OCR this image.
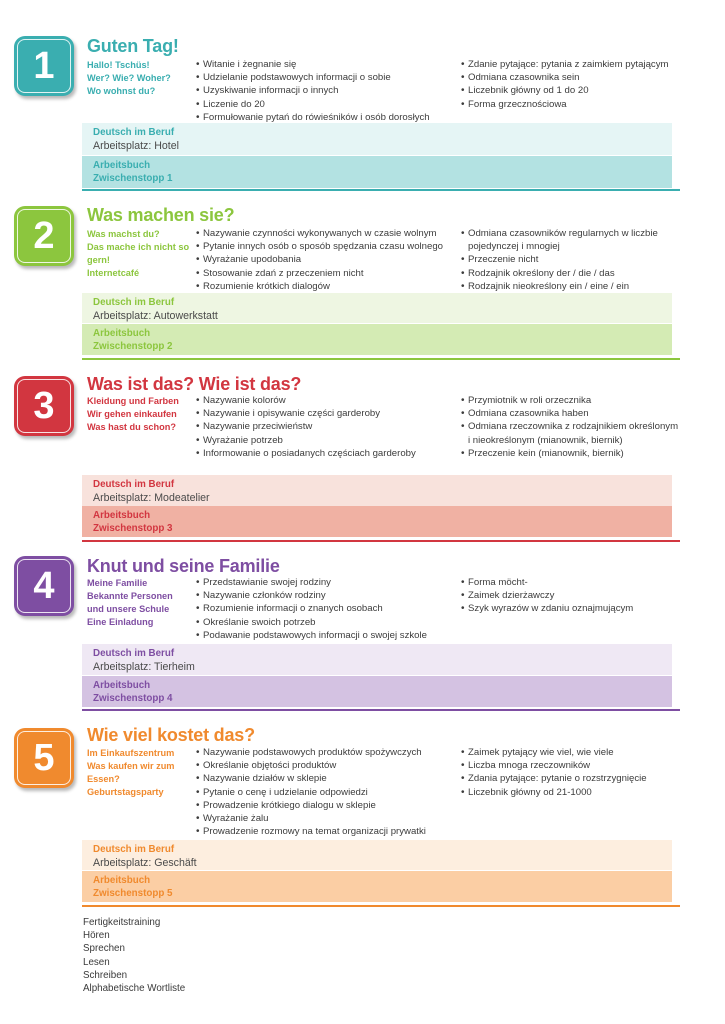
1	Guten Tag!
Hallo! Tschüs!
Wer? Wie? Woher?
Wo wohnst du?
• Witanie i żegnanie się
• Udzielanie podstawowych informacji o sobie
• Uzyskiwanie informacji o innych
• Liczenie do 20
• Formułowanie pytań do rówieśników i osób dorosłych
• Zdanie pytające: pytania z zaimkiem pytającym
• Odmiana czasownika sein
• Liczebnik główny od 1 do 20
• Forma grzecznościowa
Deutsch im Beruf
Arbeitsplatz: Hotel
Arbeitsbuch
Zwischenstopp 1
2	Was machen sie?
Was machst du?
Das mache ich nicht so
gern!
Internetcafé
• Nazywanie czynności wykonywanych w czasie wolnym
• Pytanie innych osób o sposób spędzania czasu wolnego
• Wyrażanie upodobania
• Stosowanie zdań z przeczeniem nicht
• Rozumienie krótkich dialogów
• Odmiana czasowników regularnych w liczbie pojedynczej i mnogiej
• Przeczenie nicht
• Rodzajnik określony der / die / das
• Rodzajnik nieokreślony ein / eine / ein
Deutsch im Beruf
Arbeitsplatz: Autowerkstatt
Arbeitsbuch
Zwischenstopp 2
3
Was ist das? Wie ist das?
Kleidung und Farben
Wir gehen einkaufen
Was hast du schon?
• Nazywanie kolorów
• Nazywanie i opisywanie części garderoby
• Nazywanie przeciwieństw
• Wyrażanie potrzeb
• Informowanie o posiadanych częściach garderoby
• Przymiotnik w roli orzecznika
• Odmiana czasownika haben
• Odmiana rzeczownika z rodzajnikiem określonym i nieokreślonym (mianownik, biernik)
• Przeczenie kein (mianownik, biernik)
Deutsch im Beruf
Arbeitsplatz: Modeatelier
Arbeitsbuch
Zwischenstopp 3
4	Knut und seine Familie
Meine Familie
Bekannte Personen
und unsere Schule
Eine Einladung
• Przedstawianie swojej rodziny
• Nazywanie członków rodziny
• Rozumienie informacji o znanych osobach
• Określanie swoich potrzeb
• Podawanie podstawowych informacji o swojej szkole
• Forma möcht-
• Zaimek dzierżawczy
• Szyk wyrazów w zdaniu oznajmującym
Deutsch im Beruf
Arbeitsplatz: Tierheim
Arbeitsbuch
Zwischenstopp 4
5
Wie viel kostet das?
Im Einkaufszentrum
Was kaufen wir zum
Essen?
Geburtstagsparty
• Nazywanie podstawowych produktów spożywczych
• Określanie objętości produktów
• Nazywanie działów w sklepie
• Pytanie o cenę i udzielanie odpowiedzi
• Prowadzenie krótkiego dialogu w sklepie
• Wyrażanie żalu
• Prowadzenie rozmowy na temat organizacji prywatki
• Zaimek pytający wie viel, wie viele
• Liczba mnoga rzeczowników
• Zdania pytające: pytanie o rozstrzygnięcie
• Liczebnik główny od 21-1000
Deutsch im Beruf
Arbeitsplatz: Geschäft
Arbeitsbuch
Zwischenstopp 5
Fertigkeitstraining
Hören
Sprechen
Lesen
Schreiben
Alphabetische Wortliste
